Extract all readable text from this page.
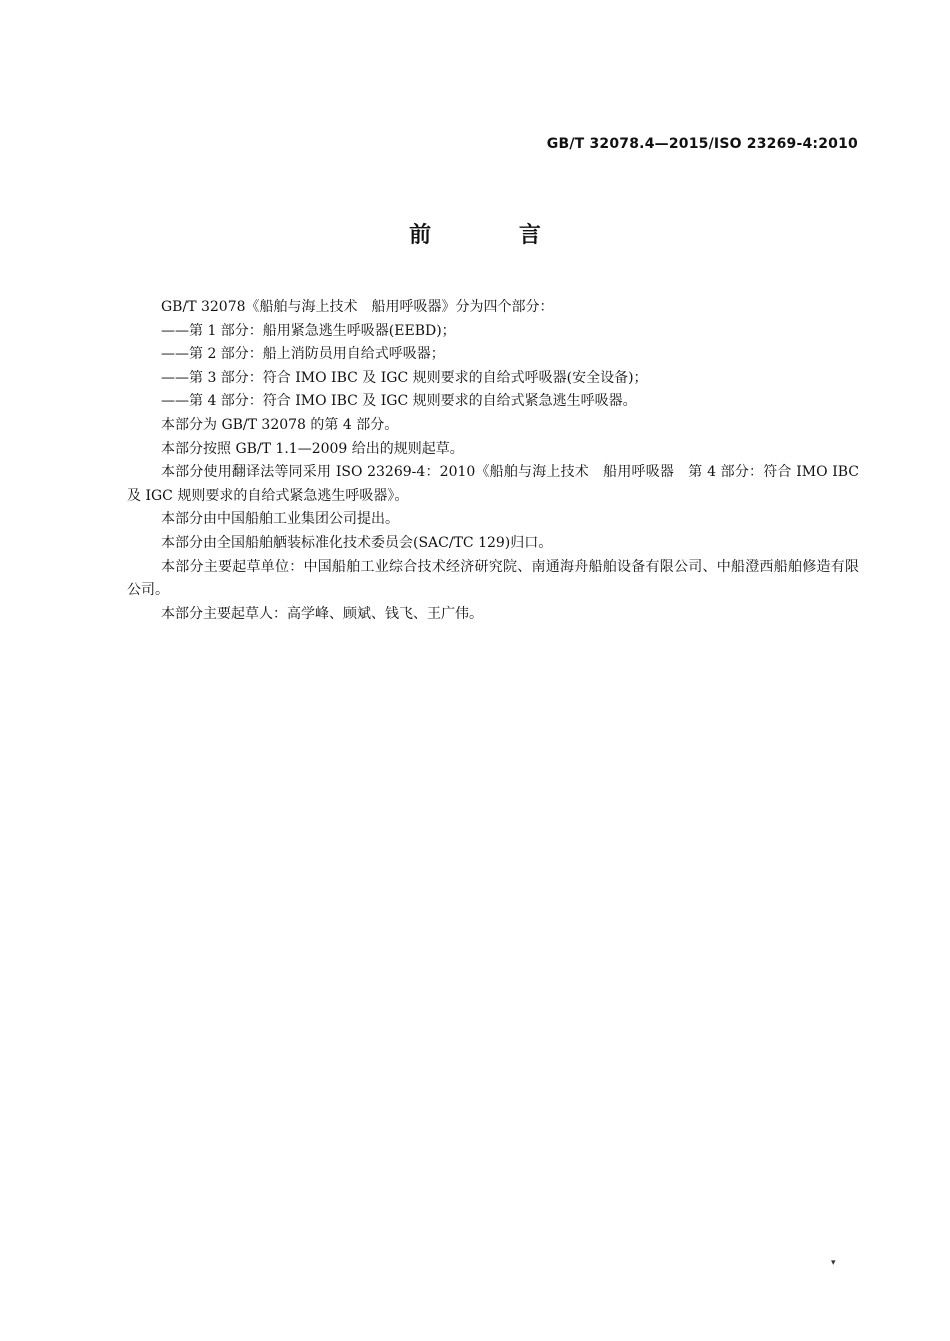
GB/T 32078.4—2015/ISO 23269-4:2010
前 言

GB/T 32078《船舶与海上技术　船用呼吸器》分为四个部分：

——第 1 部分：船用紧急逃生呼吸器(EEBD)；

——第 2 部分：船上消防员用自给式呼吸器；

——第 3 部分：符合 IMO IBC 及 IGC 规则要求的自给式呼吸器(安全设备)；

——第 4 部分：符合 IMO IBC 及 IGC 规则要求的自给式紧急逃生呼吸器。

本部分为 GB/T 32078 的第 4 部分。

本部分按照 GB/T 1.1—2009 给出的规则起草。

本部分使用翻译法等同采用 ISO 23269-4：2010《船舶与海上技术　船用呼吸器　第 4 部分：符合 IMO IBC 及 IGC 规则要求的自给式紧急逃生呼吸器》。

本部分由中国船舶工业集团公司提出。

本部分由全国船舶舾装标准化技术委员会(SAC/TC 129)归口。

本部分主要起草单位：中国船舶工业综合技术经济研究院、南通海舟船舶设备有限公司、中船澄西船舶修造有限公司。

本部分主要起草人：高学峰、顾斌、钱飞、王广伟。

▾
